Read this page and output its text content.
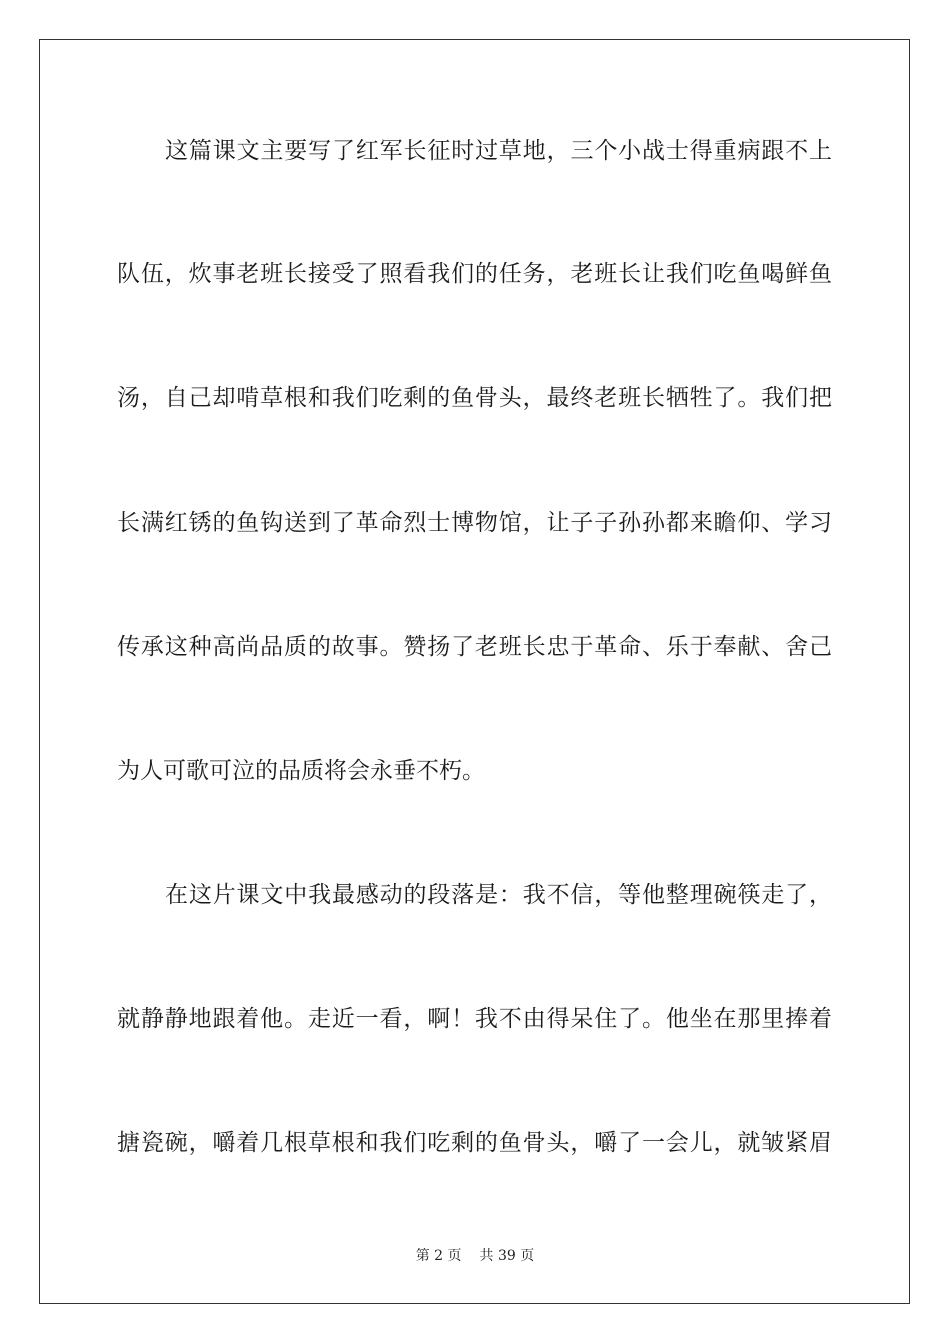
这篇课文主要写了红军长征时过草地，三个小战士得重病跟不上
队伍，炊事老班长接受了照看我们的任务，老班长让我们吃鱼喝鲜鱼
汤，自己却啃草根和我们吃剩的鱼骨头，最终老班长牺牲了。我们把
长满红锈的鱼钩送到了革命烈士博物馆，让子子孙孙都来瞻仰、学习
传承这种高尚品质的故事。赞扬了老班长忠于革命、乐于奉献、舍己
为人可歌可泣的品质将会永垂不朽。
在这片课文中我最感动的段落是：我不信，等他整理碗筷走了，
就静静地跟着他。走近一看，啊！我不由得呆住了。他坐在那里捧着
搪瓷碗，嚼着几根草根和我们吃剩的鱼骨头，嚼了一会儿，就皱紧眉
第 2 页 共 39 页
